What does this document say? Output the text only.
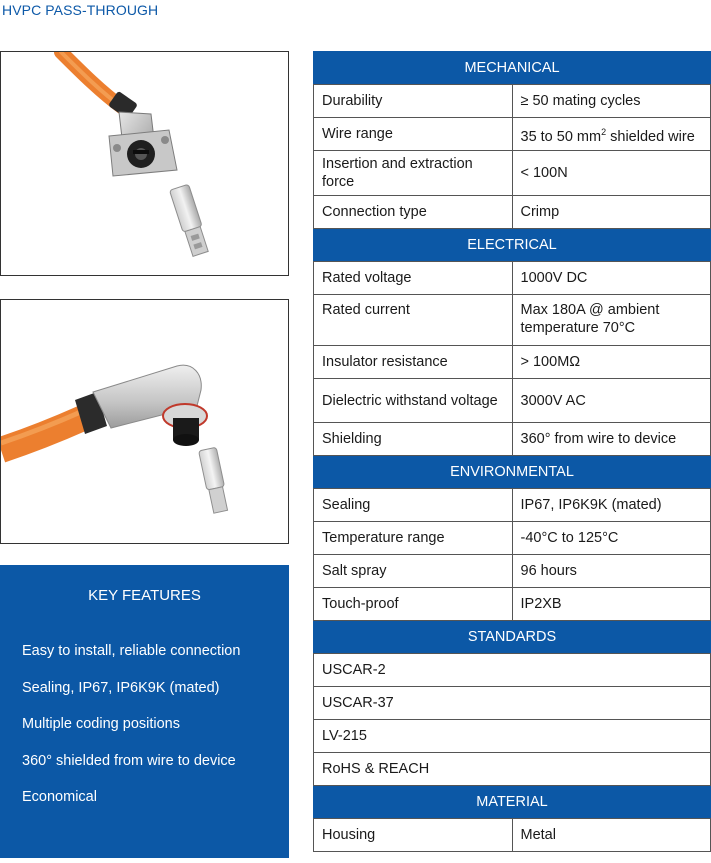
HVPC PASS-THROUGH
KEY FEATURES
Easy to install, reliable connection
Sealing, IP67, IP6K9K (mated)
Multiple coding positions
360° shielded from wire to device
Economical
MECHANICAL	
Durability	≥ 50 mating cycles
Wire range	35 to 50 $mm^2$ shielded wire
Insertion and extraction force	< 100N
Connection type	Crimp
ELECTRICAL	
Rated voltage	1000V DC
Rated current	Max 180A @ ambient temperature 70°C
Insulator resistance	> 100MΩ
Dielectric withstand voltage	3000V AC
Shielding	360° from wire to device
ENVIRONMENTAL	
Sealing	IP67, IP6K9K (mated)
Temperature range	-40°C to 125°C
Salt spray	96 hours
Touch-proof	IP2XB
STANDARDS	
USCAR-2	
USCAR-37	
LV-215	
RoHS & REACH	
MATERIAL	
Housing	Metal
